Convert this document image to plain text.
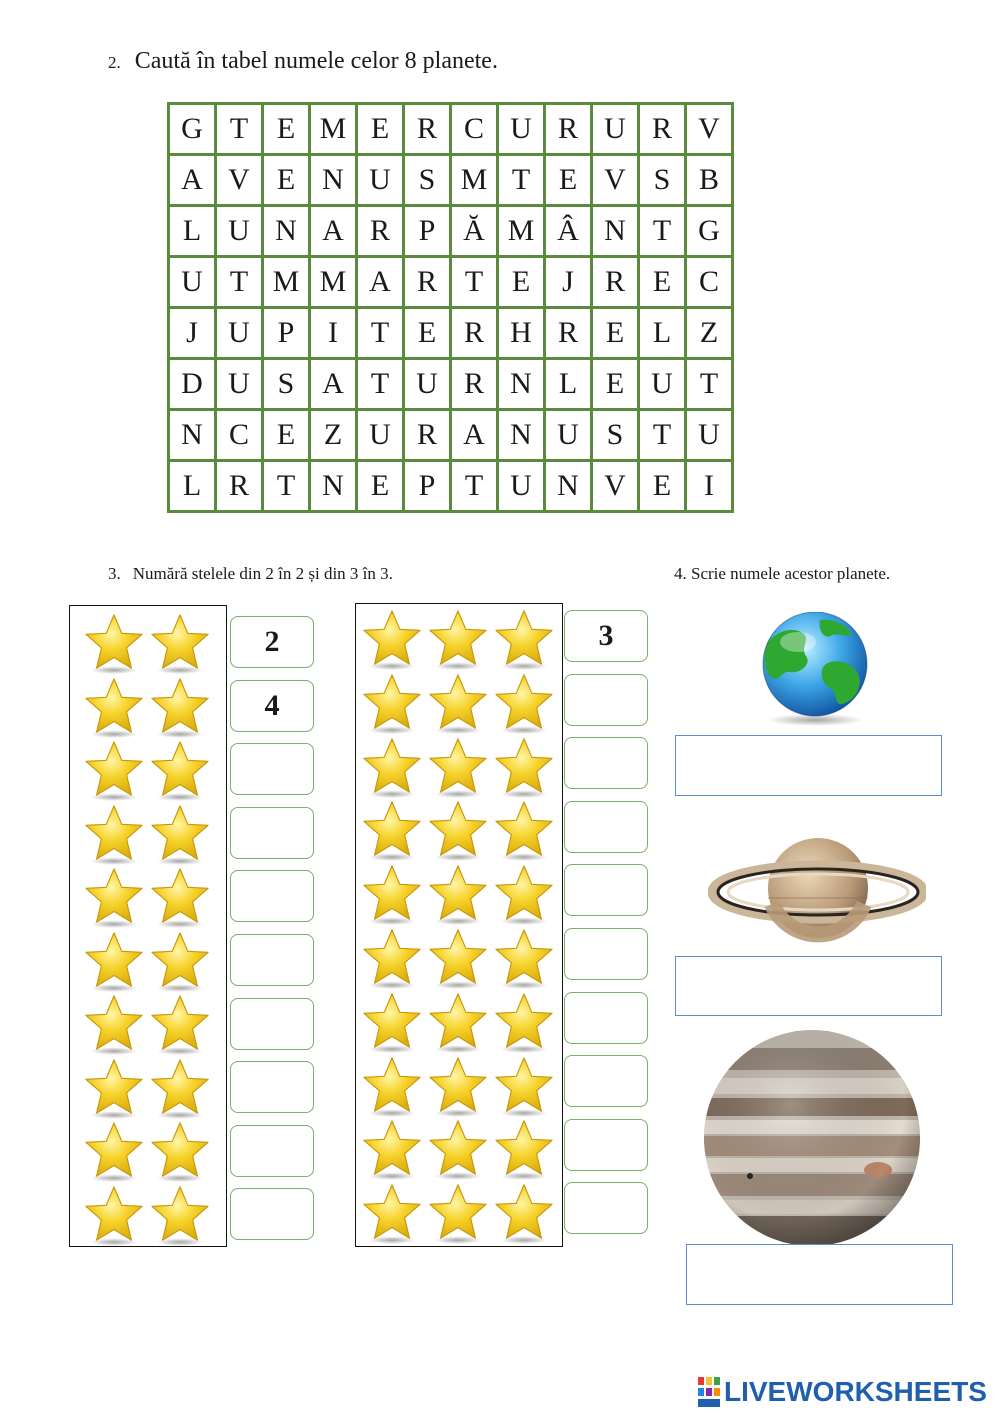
2. Caută în tabel numele celor 8 planete.
G	T	E	M	E	R	C	U	R	U	R	V
A	V	E	N	U	S	M	T	E	V	S	B
L	U	N	A	R	P	Ă	M	Â	N	T	G
U	T	M	M	A	R	T	E	J	R	E	C
J	U	P	I	T	E	R	H	R	E	L	Z
D	U	S	A	T	U	R	N	L	E	U	T
N	C	E	Z	U	R	A	N	U	S	T	U
L	R	T	N	E	P	T	U	N	V	E	I
3. Numără stelele din 2 în 2 și din 3 în 3.	4. Scrie numele acestor planete.
2
4
3
LIVEWORKSHEETS
